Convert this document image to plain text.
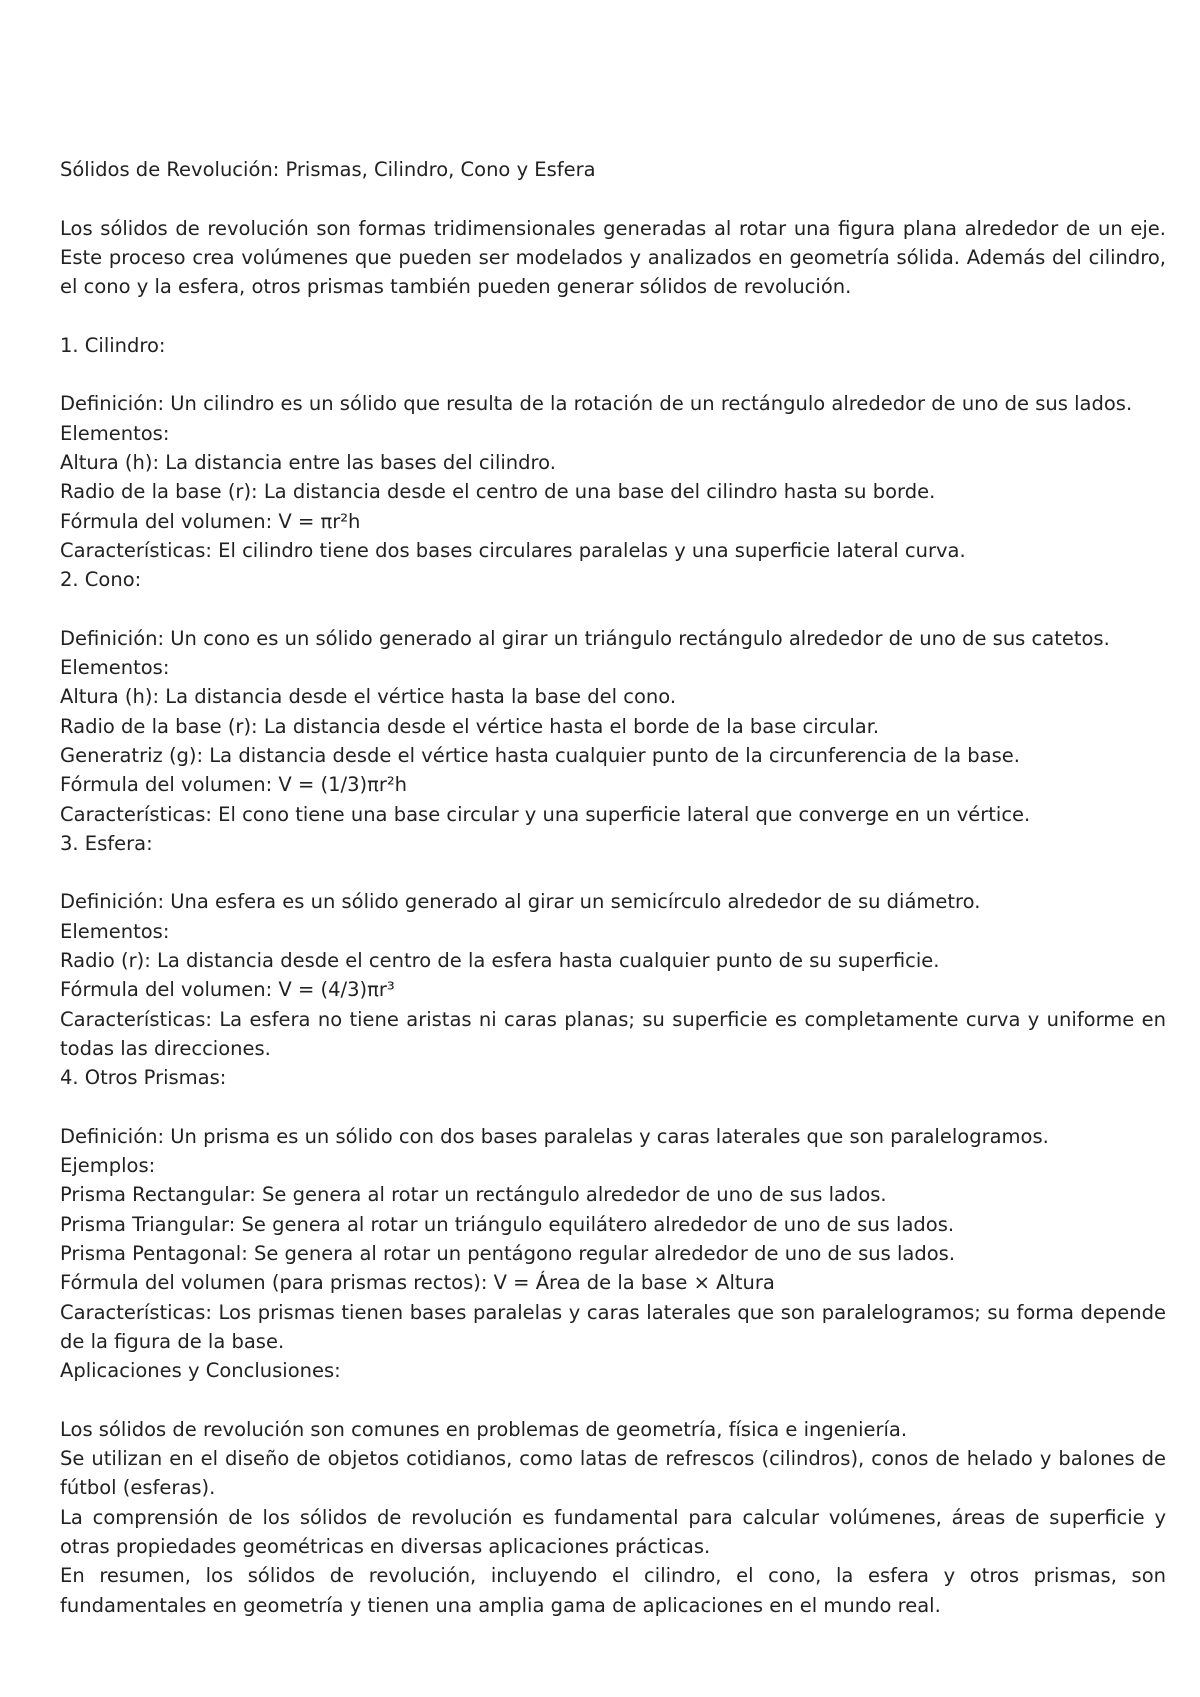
Sólidos de Revolución: Prismas, Cilindro, Cono y Esfera

Los sólidos de revolución son formas tridimensionales generadas al rotar una figura plana alrededor de un eje. Este proceso crea volúmenes que pueden ser modelados y analizados en geometría sólida. Además del cilindro, el cono y la esfera, otros prismas también pueden generar sólidos de revolución.

1. Cilindro:

Definición: Un cilindro es un sólido que resulta de la rotación de un rectángulo alrededor de uno de sus lados.

Elementos:

Altura (h): La distancia entre las bases del cilindro.

Radio de la base (r): La distancia desde el centro de una base del cilindro hasta su borde.

Fórmula del volumen: V = πr²h

Características: El cilindro tiene dos bases circulares paralelas y una superficie lateral curva.

2. Cono:

Definición: Un cono es un sólido generado al girar un triángulo rectángulo alrededor de uno de sus catetos.

Elementos:

Altura (h): La distancia desde el vértice hasta la base del cono.

Radio de la base (r): La distancia desde el vértice hasta el borde de la base circular.

Generatriz (g): La distancia desde el vértice hasta cualquier punto de la circunferencia de la base.

Fórmula del volumen: V = (1/3)πr²h

Características: El cono tiene una base circular y una superficie lateral que converge en un vértice.

3. Esfera:

Definición: Una esfera es un sólido generado al girar un semicírculo alrededor de su diámetro.

Elementos:

Radio (r): La distancia desde el centro de la esfera hasta cualquier punto de su superficie.

Fórmula del volumen: V = (4/3)πr³

Características: La esfera no tiene aristas ni caras planas; su superficie es completamente curva y uniforme en todas las direcciones.

4. Otros Prismas:

Definición: Un prisma es un sólido con dos bases paralelas y caras laterales que son paralelogramos.

Ejemplos:

Prisma Rectangular: Se genera al rotar un rectángulo alrededor de uno de sus lados.

Prisma Triangular: Se genera al rotar un triángulo equilátero alrededor de uno de sus lados.

Prisma Pentagonal: Se genera al rotar un pentágono regular alrededor de uno de sus lados.

Fórmula del volumen (para prismas rectos): V = Área de la base × Altura

Características: Los prismas tienen bases paralelas y caras laterales que son paralelogramos; su forma depende de la figura de la base.

Aplicaciones y Conclusiones:

Los sólidos de revolución son comunes en problemas de geometría, física e ingeniería.

Se utilizan en el diseño de objetos cotidianos, como latas de refrescos (cilindros), conos de helado y balones de fútbol (esferas).

La comprensión de los sólidos de revolución es fundamental para calcular volúmenes, áreas de superficie y otras propiedades geométricas en diversas aplicaciones prácticas.

En resumen, los sólidos de revolución, incluyendo el cilindro, el cono, la esfera y otros prismas, son fundamentales en geometría y tienen una amplia gama de aplicaciones en el mundo real.
